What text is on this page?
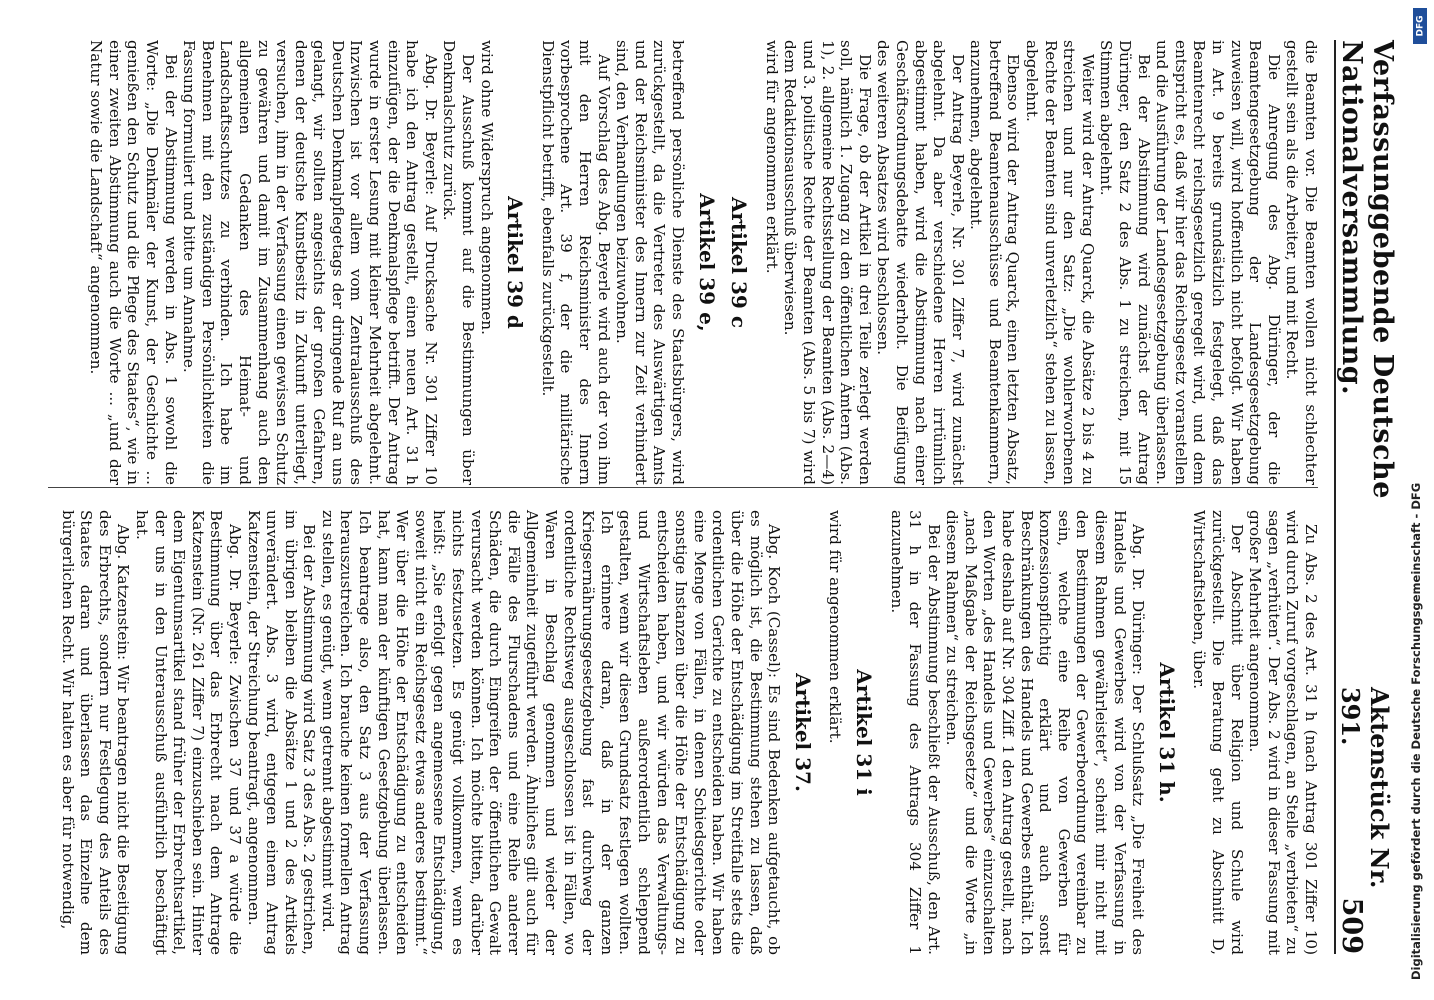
Verfassunggebende Deutsche Nationalversammlung.
Aktenstück Nr. 391.
509

die Beamten vor. Die Beamten wollen nicht schlechter gestellt sein als die Arbeiter, und mit Recht.

Die Anregung des Abg. Düringer, der die Beamtengesetzgebung der Landesgesetzgebung zuweisen will, wird hoffentlich nicht befolgt. Wir haben in Art. 9 bereits grundsätzlich festgelegt, daß das Beamtenrecht reichsgesetzlich geregelt wird, und dem entspricht es, daß wir hier das Reichsgesetz voranstellen und die Ausführung der Landesgesetzgebung überlassen.

Bei der Abstimmung wird zunächst der Antrag Düringer, den Satz 2 des Abs. 1 zu streichen, mit 15 Stimmen abgelehnt.

Weiter wird der Antrag Quarck, die Absätze 2 bis 4 zu streichen und nur den Satz: „Die wohlerworbenen Rechte der Beamten sind unverletzlich“ stehen zu lassen, abgelehnt.

Ebenso wird der Antrag Quarck, einen letzten Absatz, betreffend Beamtenausschüsse und Beamtenkammern, anzunehmen, abgelehnt.

Der Antrag Beyerle, Nr. 301 Ziffer 7, wird zunächst abgelehnt. Da aber verschiedene Herren irrtümlich abgestimmt haben, wird die Abstimmung nach einer Geschäftsordnungsdebatte wiederholt. Die Beifügung des weiteren Absatzes wird beschlossen.

Die Frage, ob der Artikel in drei Teile zerlegt werden soll, nämlich 1. Zugang zu den öffentlichen Ämtern (Abs. 1), 2. allgemeine Rechtsstellung der Beamten (Abs. 2—4) und 3. politische Rechte der Beamten (Abs. 5 bis 7) wird dem Redaktionsausschuß überwiesen.

wird für angenommen erklärt.

Artikel 39 c
Artikel 39 e,

betreffend persönliche Dienste des Staatsbürgers, wird zurückgestellt, da die Vertreter des Auswärtigen Amts und der Reichsminister des Innern zur Zeit verhindert sind, den Verhandlungen beizuwohnen.

Auf Vorschlag des Abg. Beyerle wird auch der von ihm mit den Herren Reichsminister des Innern vorbesprochene Art. 39 f, der die militärische Dienstpflicht betrifft, ebenfalls zurückgestellt.

Artikel 39 d

wird ohne Widerspruch angenommen.

Der Ausschuß kommt auf die Bestimmungen über Denkmalschutz zurück.

Abg. Dr. Beyerle: Auf Drucksache Nr. 301 Ziffer 10 habe ich den Antrag gestellt, einen neuen Art. 31 h einzufügen, der die Denkmalspflege betrifft. Der Antrag wurde in erster Lesung mit kleiner Mehrheit abgelehnt. Inzwischen ist vor allem vom Zentralausschuß des Deutschen Denkmalpflegetags der dringende Ruf an uns gelangt, wir sollten angesichts der großen Gefahren, denen der deutsche Kunstbesitz in Zukunft unterliegt, versuchen, ihm in der Verfassung einen gewissen Schutz zu gewähren und damit im Zusammenhang auch den allgemeinen Gedanken des Heimat- und Landschaftsschutzes zu verbinden. Ich habe im Benehmen mit den zuständigen Persönlichkeiten die Fassung formuliert und bitte um Annahme.

Bei der Abstimmung werden in Abs. 1 sowohl die Worte: „Die Denkmäler der Kunst, der Geschichte ... genießen den Schutz und die Pflege des Staates“, wie in einer zweiten Abstimmung auch die Worte ... „und der Natur sowie die Landschaft“ angenommen.

Zu Abs. 2 des Art. 31 h (nach Antrag 301 Ziffer 10) wird durch Zuruf vorgeschlagen, an Stelle „verbieten“ zu sagen „verhüten“. Der Abs. 2 wird in dieser Fassung mit großer Mehrheit angenommen.

Der Abschnitt über Religion und Schule wird zurückgestellt. Die Beratung geht zu Abschnitt D, Wirtschaftsleben, über.

Artikel 31 h.

Abg. Dr. Düringer: Der Schlußsatz „Die Freiheit des Handels und Gewerbes wird von der Verfassung in diesem Rahmen gewährleistet“, scheint mir nicht mit den Bestimmungen der Gewerbeordnung vereinbar zu sein, welche eine Reihe von Gewerben für konzessionspflichtig erklärt und auch sonst Beschränkungen des Handels und Gewerbes enthält. Ich habe deshalb auf Nr. 304 Ziff. 1 den Antrag gestellt, nach den Worten „des Handels und Gewerbes“ einzuschalten „nach Maßgabe der Reichsgesetze“ und die Worte „in diesem Rahmen“ zu streichen.

Bei der Abstimmung beschließt der Ausschuß, den Art. 31 h in der Fassung des Antrags 304 Ziffer 1 anzunehmen.

Artikel 31 i

wird für angenommen erklärt.

Artikel 37.

Abg. Koch (Cassel): Es sind Bedenken aufgetaucht, ob es möglich ist, die Bestimmung stehen zu lassen, daß über die Höhe der Entschädigung im Streitfalle stets die ordentlichen Gerichte zu entscheiden haben. Wir haben eine Menge von Fällen, in denen Schiedsgerichte oder sonstige Instanzen über die Höhe der Entschädigung zu entscheiden haben, und wir würden das Verwaltungs- und Wirtschaftsleben außerordentlich schleppend gestalten, wenn wir diesen Grundsatz festlegen wollten. Ich erinnere daran, daß in der ganzen Kriegsernährungsgesetzgebung fast durchweg der ordentliche Rechtsweg ausgeschlossen ist in Fällen, wo Waren in Beschlag genommen und wieder der Allgemeinheit zugeführt werden. Ähnliches gilt auch für die Fälle des Flurschadens und eine Reihe anderer Schäden, die durch Eingreifen der öffentlichen Gewalt verursacht werden können. Ich möchte bitten, darüber nichts festzusetzen. Es genügt vollkommen, wenn es heißt: „Sie erfolgt gegen angemessene Entschädigung, soweit nicht ein Reichsgesetz etwas anderes bestimmt.“ Wer über die Höhe der Entschädigung zu entscheiden hat, kann man der künftigen Gesetzgebung überlassen. Ich beantrage also, den Satz 3 aus der Verfassung herauszustreichen. Ich brauche keinen formellen Antrag zu stellen, es genügt, wenn getrennt abgestimmt wird.

Bei der Abstimmung wird Satz 3 des Abs. 2 gestrichen, im übrigen bleiben die Absätze 1 und 2 des Artikels unverändert. Abs. 3 wird, entgegen einem Antrag Katzenstein, der Streichung beantragt, angenommen.

Abg. Dr. Beyerle: Zwischen 37 und 37 a würde die Bestimmung über das Erbrecht nach dem Antrage Katzenstein (Nr. 261 Ziffer 7) einzuschieben sein. Hinter dem Eigentumsartikel stand früher der Erbrechtsartikel, der uns in den Unterausschuß ausführlich beschäftigt hat.

Abg. Katzenstein: Wir beantragen nicht die Beseitigung des Erbrechts, sondern nur Festlegung des Anteils des Staates daran und überlassen das Einzelne dem bürgerlichen Recht. Wir halten es aber für notwendig,

DFG
Digitalisierung gefördert durch die Deutsche Forschungsgemeinschaft - DFG
